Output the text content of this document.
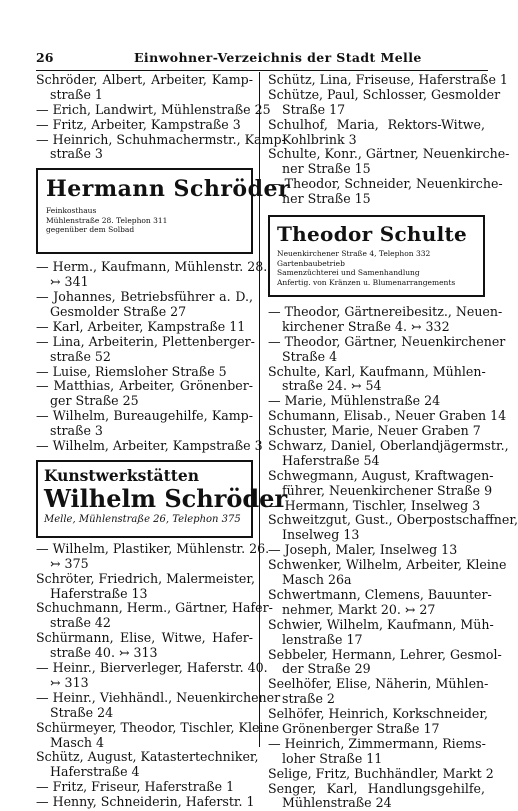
26	Einwohner-Verzeichnis der Stadt Melle
Schröder, Albert, Arbeiter, Kamp-
straße 1
— Erich, Landwirt, Mühlenstraße 25
— Fritz, Arbeiter, Kampstraße 3
— Heinrich, Schuhmachermstr., Kamp-
straße 3
Hermann Schröder
Feinkosthaus
Mühlenstraße 28. Telephon 311
gegenüber dem Solbad
— Herm., Kaufmann, Mühlenstr. 28.
↣ 341
— Johannes, Betriebsführer a. D.,
Gesmolder Straße 27
— Karl, Arbeiter, Kampstraße 11
— Lina, Arbeiterin, Plettenberger-
straße 52
— Luise, Riemsloher Straße 5
— Matthias, Arbeiter, Grönenber-
ger Straße 25
— Wilhelm, Bureaugehilfe, Kamp-
straße 3
— Wilhelm, Arbeiter, Kampstraße 3
Kunstwerkstätten
Wilhelm Schröder
Melle, Mühlenstraße 26, Telephon 375
— Wilhelm, Plastiker, Mühlenstr. 26.
↣ 375
Schröter, Friedrich, Malermeister,
Haferstraße 13
Schuchmann, Herm., Gärtner, Hafer-
straße 42
Schürmann, Elise, Witwe, Hafer-
straße 40. ↣ 313
— Heinr., Bierverleger, Haferstr. 40.
↣ 313
— Heinr., Viehhändl., Neuenkirchener
Straße 24
Schürmeyer, Theodor, Tischler, Kleine
Masch 4
Schütz, August, Katastertechniker,
Haferstraße 4
— Fritz, Friseur, Haferstraße 1
— Henny, Schneiderin, Haferstr. 1
Schütz, Lina, Friseuse, Haferstraße 1
Schütze, Paul, Schlosser, Gesmolder
Straße 17
Schulhof, Maria, Rektors-Witwe,
Kohlbrink 3
Schulte, Konr., Gärtner, Neuenkirche-
ner Straße 15
— Theodor, Schneider, Neuenkirche-
ner Straße 15
Theodor Schulte
Neuenkirchener Straße 4, Telephon 332
Gartenbaubetrieb
Samenzüchterei und Samenhandlung
Anfertig. von Kränzen u. Blumenarrangements
— Theodor, Gärtnereibesitz., Neuen-
kirchener Straße 4. ↣ 332
— Theodor, Gärtner, Neuenkirchener
Straße 4
Schulte, Karl, Kaufmann, Mühlen-
straße 24. ↣ 54
— Marie, Mühlenstraße 24
Schumann, Elisab., Neuer Graben 14
Schuster, Marie, Neuer Graben 7
Schwarz, Daniel, Oberlandjägermstr.,
Haferstraße 54
Schwegmann, August, Kraftwagen-
führer, Neuenkirchener Straße 9
— Hermann, Tischler, Inselweg 3
Schweitzgut, Gust., Oberpostschaffner,
Inselweg 13
— Joseph, Maler, Inselweg 13
Schwenker, Wilhelm, Arbeiter, Kleine
Masch 26a
Schwertmann, Clemens, Bauunter-
nehmer, Markt 20. ↣ 27
Schwier, Wilhelm, Kaufmann, Müh-
lenstraße 17
Sebbeler, Hermann, Lehrer, Gesmol-
der Straße 29
Seelhöfer, Elise, Näherin, Mühlen-
straße 2
Selhöfer, Heinrich, Korkschneider,
Grönenberger Straße 17
— Heinrich, Zimmermann, Riems-
loher Straße 11
Selige, Fritz, Buchhändler, Markt 2
Senger, Karl, Handlungsgehilfe,
Mühlenstraße 24
